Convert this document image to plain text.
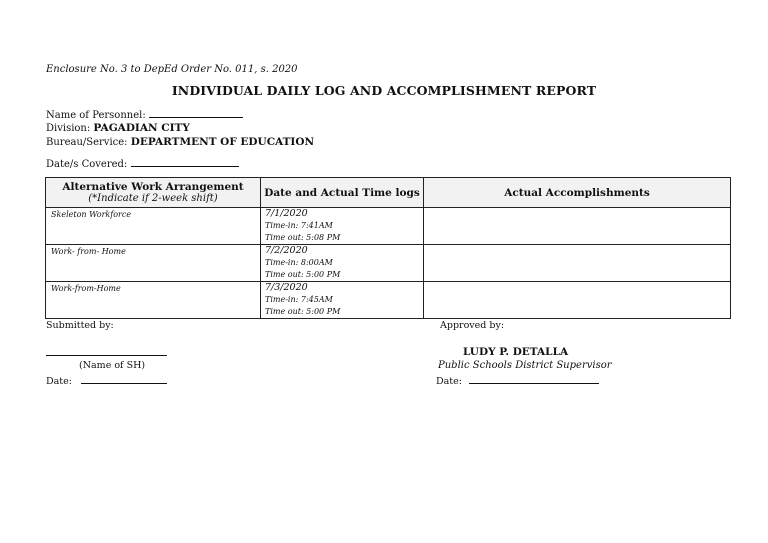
Enclosure No. 3 to DepEd Order No. 011, s. 2020
INDIVIDUAL DAILY LOG AND ACCOMPLISHMENT REPORT
Name of Personnel:
Division: PAGADIAN CITY
Bureau/Service: DEPARTMENT OF EDUCATION
Date/s Covered:
Alternative Work Arrangement
(*Indicate if 2-week shift)	Date and Actual Time logs	Actual Accomplishments

Skeleton Workforce	7/1/2020
Time-in: 7:41AM
Time out: 5:08 PM	

Work- from- Home	7/2/2020
Time-in: 8:00AM
Time out: 5:00 PM	

Work-from-Home	7/3/2020
Time-in: 7:45AM
Time out: 5:00 PM	

Submitted by:	Approved by:
(Name of SH)
Date:
LUDY P. DETALLA
Public Schools District Supervisor
Date:
